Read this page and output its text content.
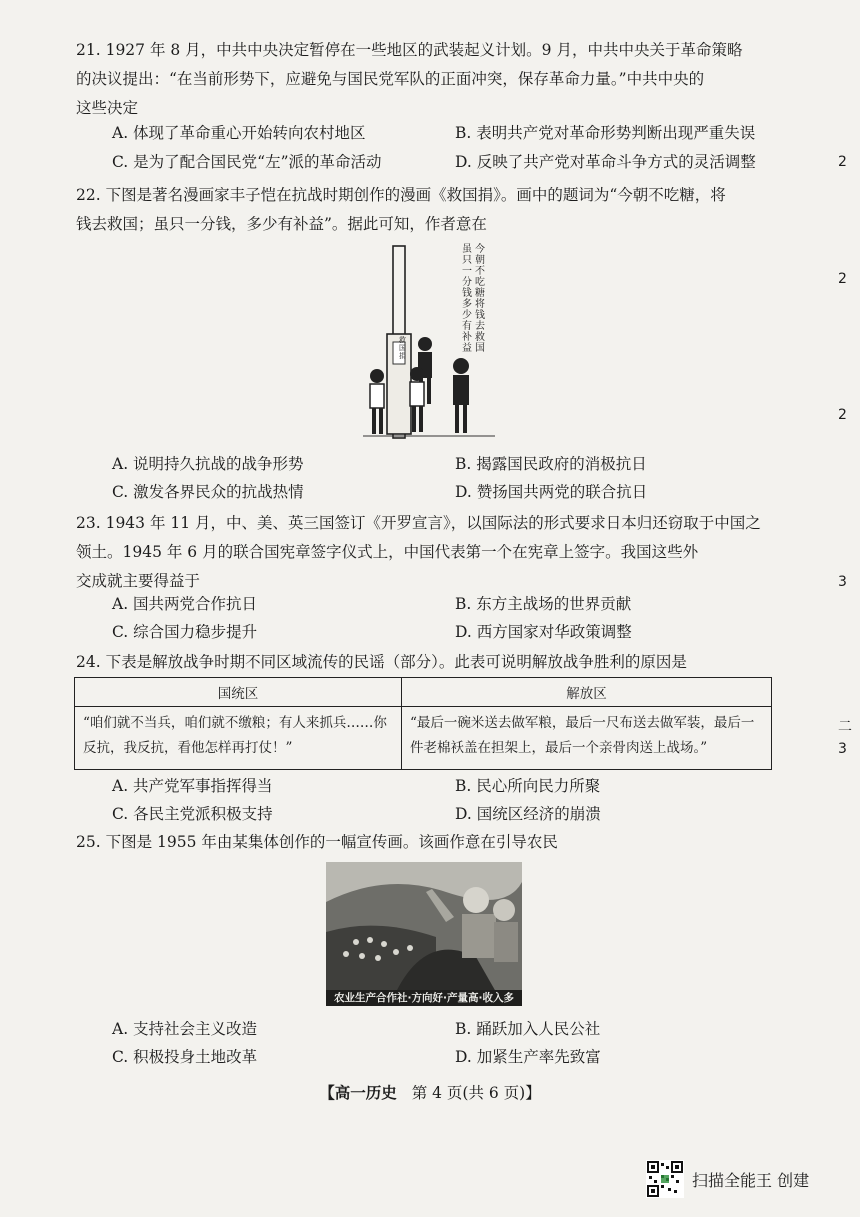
21. 1927 年 8 月，中共中央决定暂停在一些地区的武装起义计划。9 月，中共中央关于革命策略
的决议提出：“在当前形势下，应避免与国民党军队的正面冲突，保存革命力量。”中共中央的
这些决定
A. 体现了革命重心开始转向农村地区	B. 表明共产党对革命形势判断出现严重失误
C. 是为了配合国民党“左”派的革命活动	D. 反映了共产党对革命斗争方式的灵活调整
22. 下图是著名漫画家丰子恺在抗战时期创作的漫画《救国捐》。画中的题词为“今朝不吃糖，将
钱去救国；虽只一分钱，多少有补益”。据此可知，作者意在
今朝不吃糖将钱去救国
虽只一分钱多少有补益
救国捐
A. 说明持久抗战的战争形势	B. 揭露国民政府的消极抗日
C. 激发各界民众的抗战热情	D. 赞扬国共两党的联合抗日
23. 1943 年 11 月，中、美、英三国签订《开罗宣言》，以国际法的形式要求日本归还窃取于中国之
领土。1945 年 6 月的联合国宪章签字仪式上，中国代表第一个在宪章上签字。我国这些外
交成就主要得益于
A. 国共两党合作抗日	B. 东方主战场的世界贡献
C. 综合国力稳步提升	D. 西方国家对华政策调整
24. 下表是解放战争时期不同区域流传的民谣（部分）。此表可说明解放战争胜利的原因是
国统区	解放区
“咱们就不当兵，咱们就不缴粮；有人来抓兵……你反抗，我反抗，看他怎样再打仗！”	“最后一碗米送去做军粮，最后一尺布送去做军装，最后一件老棉袄盖在担架上，最后一个亲骨肉送上战场。”
A. 共产党军事指挥得当	B. 民心所向民力所聚
C. 各民主党派积极支持	D. 国统区经济的崩溃
25. 下图是 1955 年由某集体创作的一幅宣传画。该画作意在引导农民
农业生产合作社·方向好·产量高·收入多
A. 支持社会主义改造	B. 踊跃加入人民公社
C. 积极投身土地改革	D. 加紧生产率先致富
【高一历史 第 4 页(共 6 页)】
2
2
2
3
二
3
扫描全能王 创建
